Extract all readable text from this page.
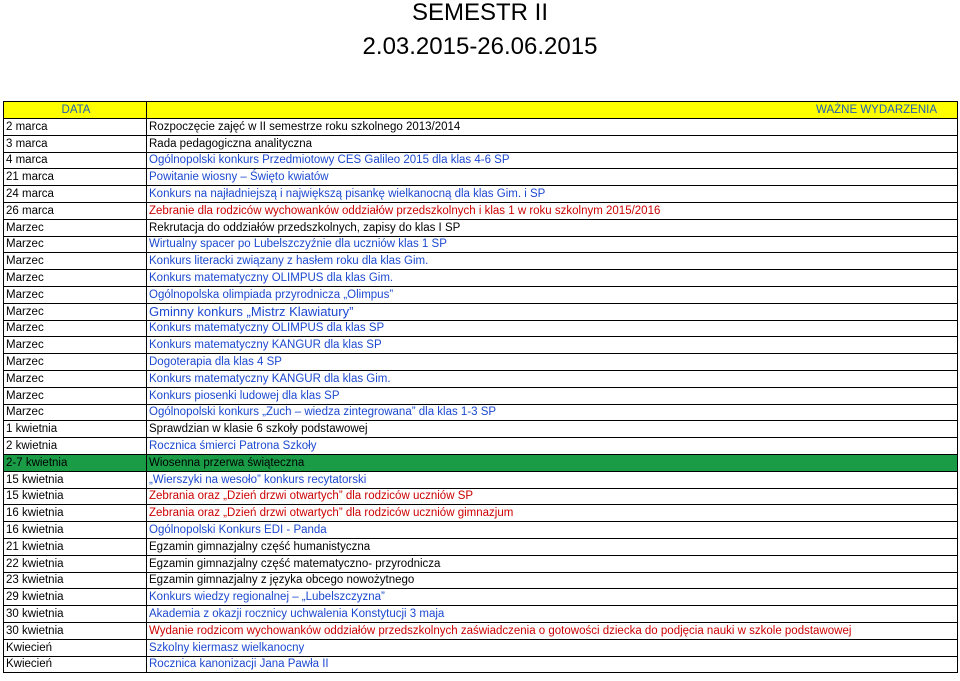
SEMESTR II
2.03.2015-26.06.2015
DATA	WAŻNE WYDARZENIA
2 marca	Rozpoczęcie zajęć w II semestrze roku szkolnego 2013/2014
3 marca	Rada pedagogiczna analityczna
4 marca	Ogólnopolski konkurs Przedmiotowy CES Galileo 2015 dla klas 4-6 SP
21 marca	Powitanie wiosny – Święto kwiatów
24 marca	Konkurs na najładniejszą i największą pisankę wielkanocną dla klas Gim. i SP
26 marca	Zebranie dla rodziców wychowanków oddziałów przedszkolnych i klas 1 w roku szkolnym 2015/2016
Marzec	Rekrutacja do oddziałów przedszkolnych, zapisy do klas I SP
Marzec	Wirtualny spacer po Lubelszczyźnie dla uczniów klas 1 SP
Marzec	Konkurs literacki związany z hasłem roku dla klas Gim.
Marzec	Konkurs matematyczny OLIMPUS dla klas Gim.
Marzec	Ogólnopolska olimpiada przyrodnicza „Olimpus”
Marzec	Gminny konkurs „Mistrz Klawiatury”
Marzec	Konkurs matematyczny OLIMPUS dla klas SP
Marzec	Konkurs matematyczny KANGUR dla klas SP
Marzec	Dogoterapia dla klas 4 SP
Marzec	Konkurs matematyczny KANGUR dla klas Gim.
Marzec	Konkurs piosenki ludowej dla klas SP
Marzec	Ogólnopolski konkurs „Zuch – wiedza zintegrowana” dla klas 1-3 SP
1 kwietnia	Sprawdzian w klasie 6 szkoły podstawowej
2 kwietnia	Rocznica śmierci Patrona Szkoły
2-7 kwietnia	Wiosenna przerwa świąteczna
15 kwietnia	„Wierszyki na wesoło” konkurs recytatorski
15 kwietnia	Zebrania oraz „Dzień drzwi otwartych” dla rodziców uczniów SP
16 kwietnia	Zebrania oraz „Dzień drzwi otwartych” dla rodziców uczniów gimnazjum
16 kwietnia	Ogólnopolski Konkurs EDI - Panda
21 kwietnia	Egzamin gimnazjalny część humanistyczna
22 kwietnia	Egzamin gimnazjalny część matematyczno- przyrodnicza
23 kwietnia	Egzamin gimnazjalny z języka obcego nowożytnego
29 kwietnia	Konkurs wiedzy regionalnej – „Lubelszczyzna”
30 kwietnia	Akademia z okazji rocznicy uchwalenia Konstytucji 3 maja
30 kwietnia	Wydanie rodzicom wychowanków oddziałów przedszkolnych zaświadczenia o gotowości dziecka do podjęcia nauki w szkole podstawowej
Kwiecień	Szkolny kiermasz wielkanocny
Kwiecień	Rocznica kanonizacji Jana Pawła II
